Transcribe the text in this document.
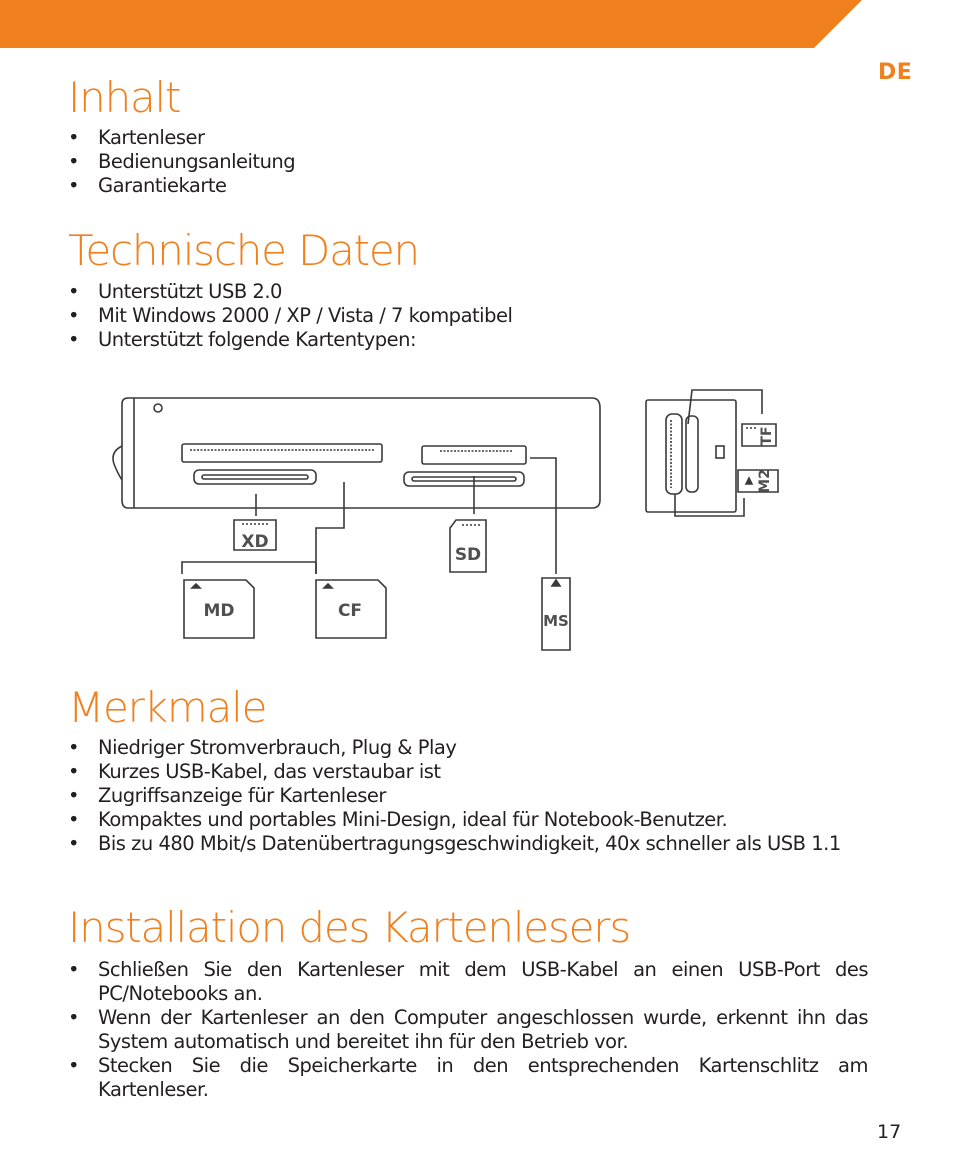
DE
Inhalt
• Kartenleser
• Bedienungsanleitung
• Garantiekarte
Technische Daten
• Unterstützt USB 2.0
• Mit Windows 2000 / XP / Vista / 7 kompatibel
• Unterstützt folgende Kartentypen:
XD
SD
MD	CF	MS
TF
M2
Merkmale
• Niedriger Stromverbrauch, Plug & Play
• Kurzes USB-Kabel, das verstaubar ist
• Zugriffsanzeige für Kartenleser
• Kompaktes und portables Mini-Design, ideal für Notebook-Benutzer.
• Bis zu 480 Mbit/s Datenübertragungsgeschwindigkeit, 40x schneller als USB 1.1
Installation des Kartenlesers
• Schließen Sie den Kartenleser mit dem USB-Kabel an einen USB-Port des PC/Notebooks an.
• Wenn der Kartenleser an den Computer angeschlossen wurde, erkennt ihn das System automatisch und bereitet ihn für den Betrieb vor.
• Stecken Sie die Speicherkarte in den entsprechenden Kartenschlitz am Kartenleser.
17
